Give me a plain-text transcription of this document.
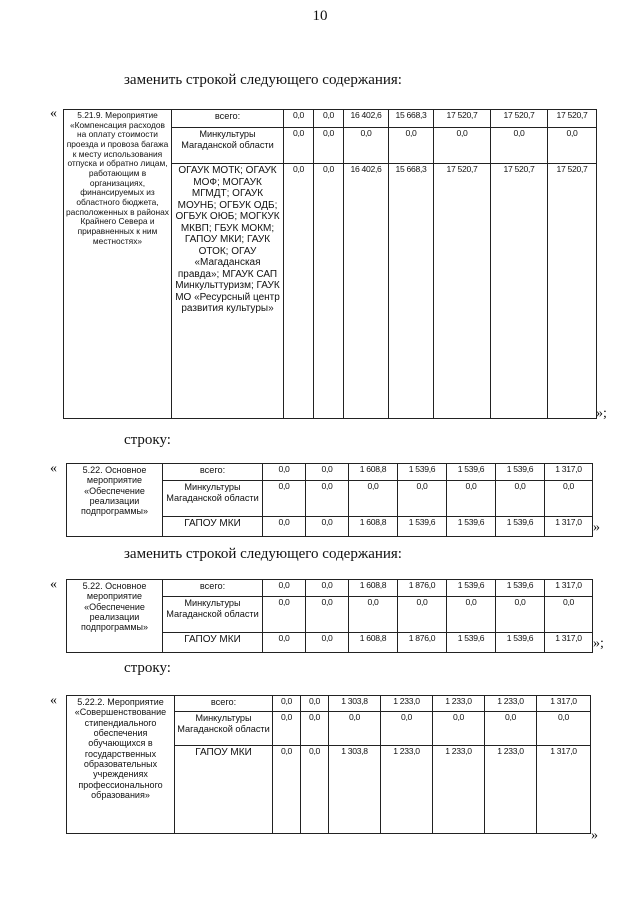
10
заменить строкой следующего содержания:
« 5.21.9. Мероприятие «Компенсация расходов на оплату стоимости проезда и провоза багажа к месту использования отпуска и обратно лицам, работающим в организациях, финансируемых из областного бюджета, расположенных в районах Крайнего Севера и приравненных к ним местностях»	всего:	0,0	0,0	16 402,6	15 668,3	17 520,7	17 520,7	17 520,7
	Минкультуры Магаданской области	0,0	0,0	0,0	0,0	0,0	0,0	0,0
	ОГАУК МОТК; ОГАУК МОФ; МОГАУК МГМДТ; ОГАУК МОУНБ; ОГБУК ОДБ; ОГБУК ОЮБ; МОГКУК МКВП; ГБУК МОКМ; ГАПОУ МКИ; ГАУК ОТОК; ОГАУ «Магаданская правда»; МГАУК САП Минкульттуризм; ГАУК МО «Ресурсный центр развития культуры»	0,0	0,0	16 402,6	15 668,3	17 520,7	17 520,7	17 520,7
»;
строку:
«	5.22. Основное мероприятие «Обеспечение реализации подпрограммы»	всего:	0,0	0,0	1 608,8	1 539,6	1 539,6	1 539,6	1 317,0
	Минкультуры Магаданской области	0,0	0,0	0,0	0,0	0,0	0,0	0,0
	ГАПОУ МКИ	0,0	0,0	1 608,8	1 539,6	1 539,6	1 539,6	1 317,0 »
заменить строкой следующего содержания:
«	5.22. Основное мероприятие «Обеспечение реализации подпрограммы»	всего:	0,0	0,0	1 608,8	1 876,0	1 539,6	1 539,6	1 317,0
	Минкультуры Магаданской области	0,0	0,0	0,0	0,0	0,0	0,0	0,0
	ГАПОУ МКИ	0,0	0,0	1 608,8	1 876,0	1 539,6	1 539,6	1 317,0 »;
строку:
« 5.22.2. Мероприятие «Совершенствование стипендиального обеспечения обучающихся в государственных образовательных учреждениях профессионального образования»	всего:	0,0	0,0	1 303,8	1 233,0	1 233,0	1 233,0	1 317,0
	Минкультуры Магаданской области	0,0	0,0	0,0	0,0	0,0	0,0	0,0
	ГАПОУ МКИ	0,0	0,0	1 303,8	1 233,0	1 233,0	1 233,0	1 317,0
»
